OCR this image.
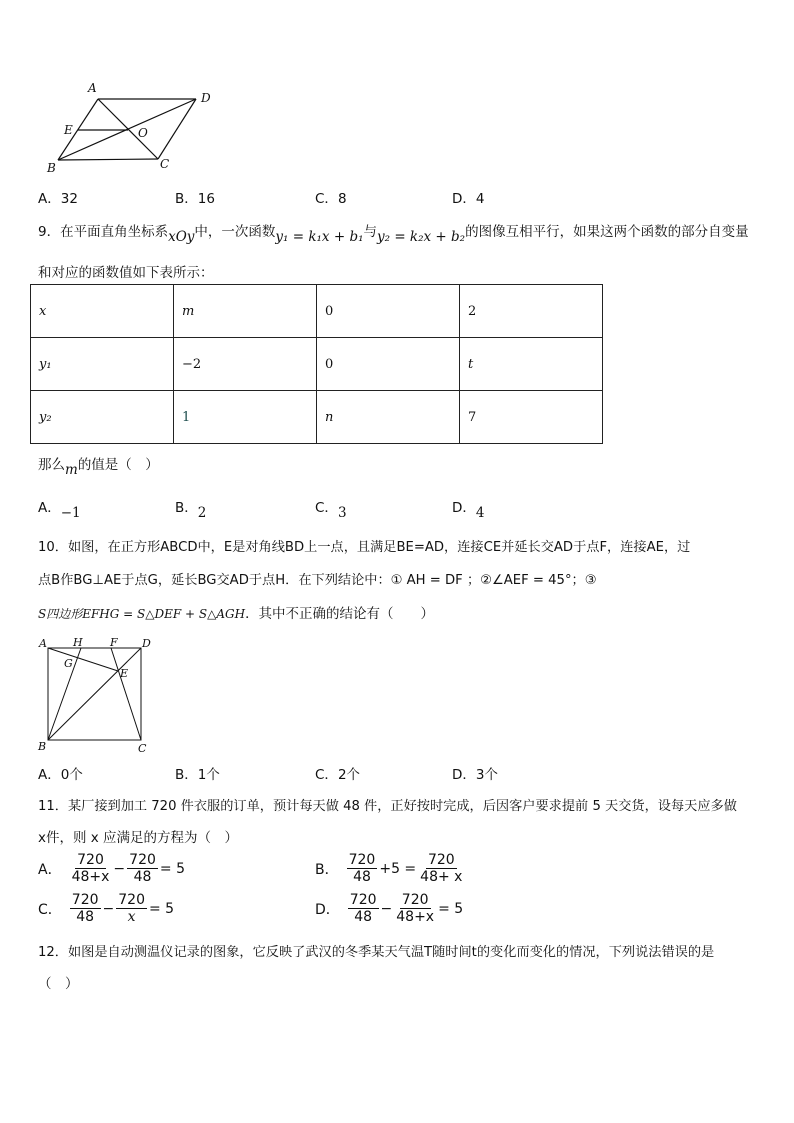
A
D
E	O
B	C
A．32	B．16	C．8	D．4
9．在平面直角坐标系xOy中，一次函数y₁ = k₁x + b₁与y₂ = k₂x + b₂的图像互相平行，如果这两个函数的部分自变量
和对应的函数值如下表所示：
x	m	0	2
y₁	−2	0	t
y₂	1	n	7
那么m的值是（　）
A．−1	B．2	C．3	D．4
10．如图，在正方形ABCD中，E是对角线BD上一点，且满足BE=AD，连接CE并延长交AD于点F，连接AE，过
点B作BG⊥AE于点G，延长BG交AD于点H．在下列结论中：① AH = DF ；②∠AEF = 45°；③
S四边形EFHG = S△DEF + S△AGH．其中不正确的结论有（　　）
A H F D
G
E
B	C
A．0个	B．1个	C．2个	D．3个
11．某厂接到加工 720 件衣服的订单，预计每天做 48 件，正好按时完成，后因客户要求提前 5 天交货，设每天应多做
x件，则 x 应满足的方程为（　）
A． $\frac{720}{48+x} - \frac{720}{48} = 5$	B． $\frac{720}{48} +5 = \frac{720}{48+ x}$
C． $\frac{720}{48} - \frac{720}{x} = 5$	D． $\frac{720}{48} - \frac{720}{48+x} = 5$
12．如图是自动测温仪记录的图象，它反映了武汉的冬季某天气温T随时间t的变化而变化的情况，下列说法错误的是
（　）
